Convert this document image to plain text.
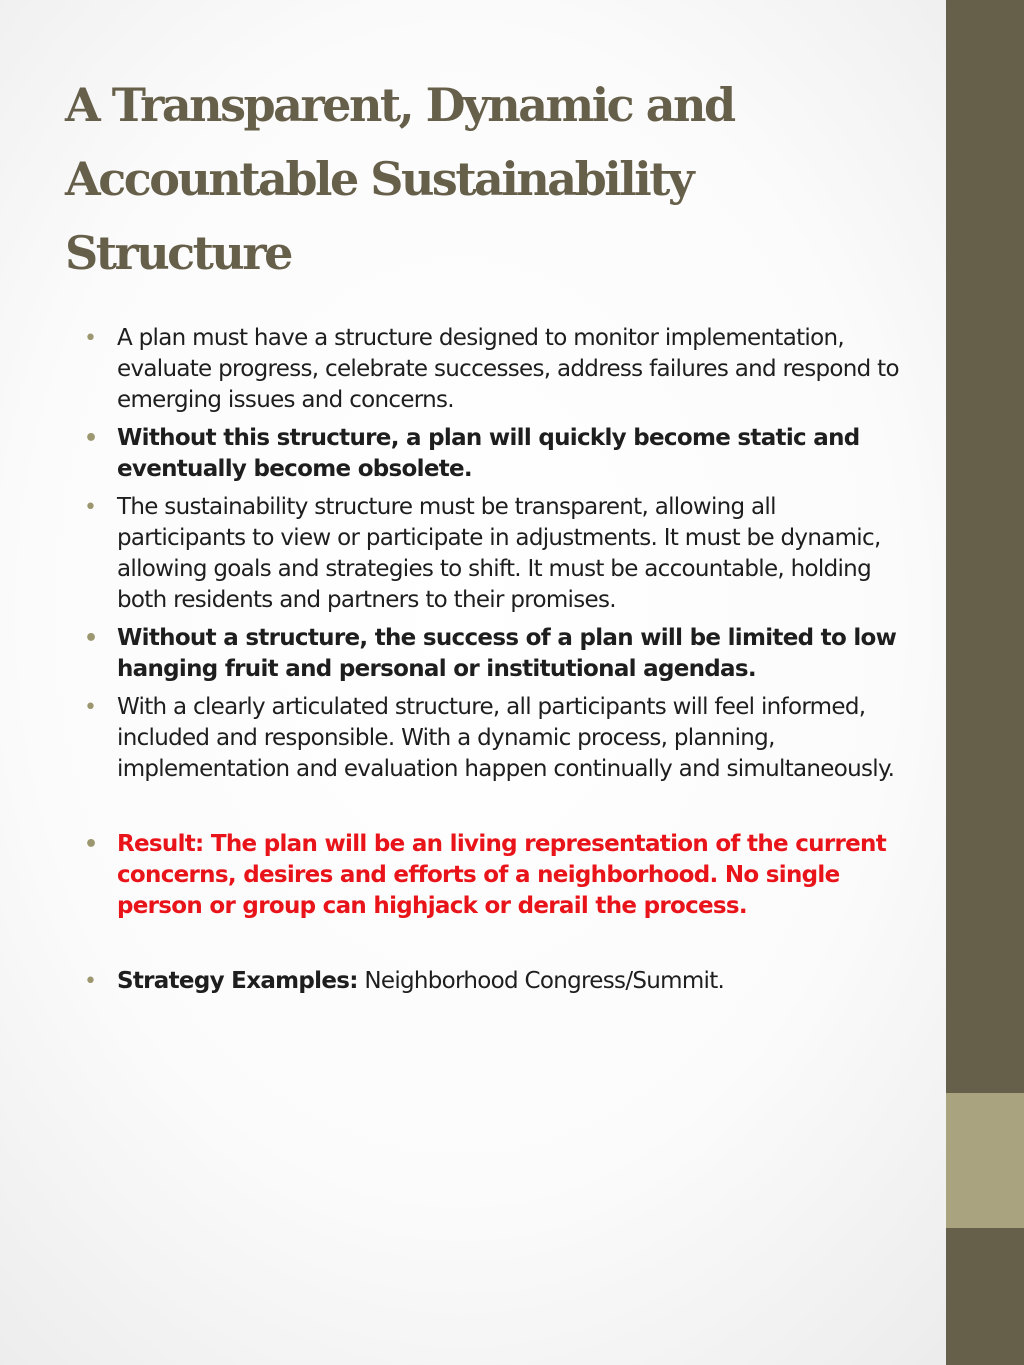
A Transparent, Dynamic and Accountable Sustainability Structure
• A plan must have a structure designed to monitor implementation, evaluate progress, celebrate successes, address failures and respond to emerging issues and concerns.
• Without this structure, a plan will quickly become static and eventually become obsolete.
• The sustainability structure must be transparent, allowing all participants to view or participate in adjustments. It must be dynamic, allowing goals and strategies to shift. It must be accountable, holding both residents and partners to their promises.
• Without a structure, the success of a plan will be limited to low hanging fruit and personal or institutional agendas.
• With a clearly articulated structure, all participants will feel informed, included and responsible. With a dynamic process, planning, implementation and evaluation happen continually and simultaneously.
• Result: The plan will be an living representation of the current concerns, desires and efforts of a neighborhood. No single person or group can highjack or derail the process.
• Strategy Examples: Neighborhood Congress/Summit.
